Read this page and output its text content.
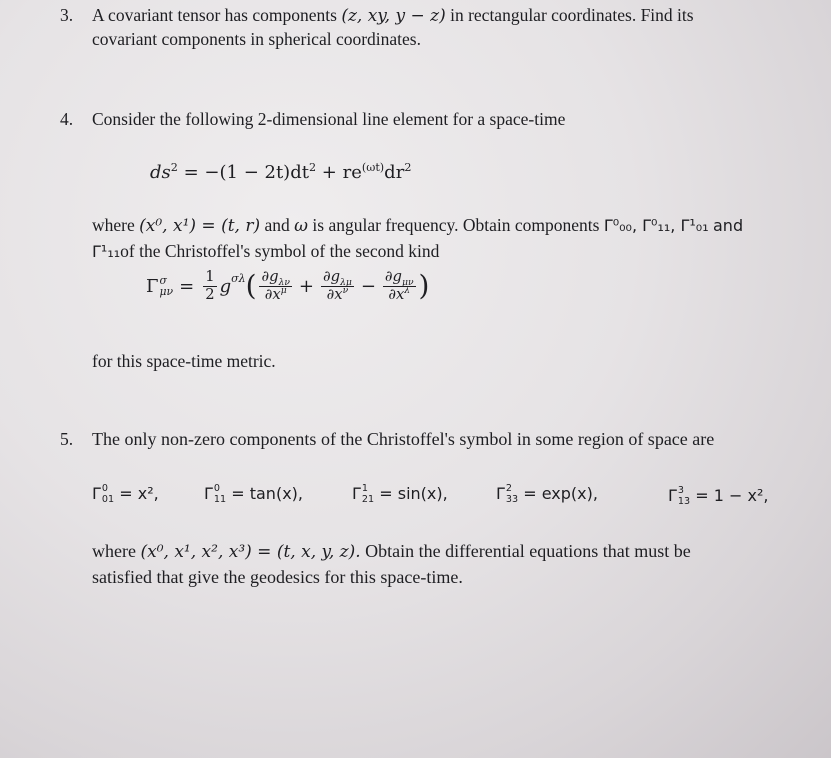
3. A covariant tensor has components (z, xy, y − z) in rectangular coordinates. Find its
covariant components in spherical coordinates.
4. Consider the following 2-dimensional line element for a space-time
$ds^2 = -(1 - 2t)dt^2 + re^{(\omega t)}dr^2$
where (x⁰, x¹) = (t, r) and ω is angular frequency. Obtain components Γ⁰₀₀, Γ⁰₁₁, Γ¹₀₁ and
Γ¹₁₁of the Christoffel's symbol of the second kind
Γ σ
$\mu\nu = \frac{1}{2} g^{\sigma\lambda}$ ( $\frac{\partial g_{\lambda\nu}}{\partial x^\mu} + \frac{\partial g_{\lambda\mu}}{\partial x^\nu} - \frac{\partial g_{\mu\nu}}{\partial x^\lambda}$ )
for this space-time metric.
5. The only non-zero components of the Christoffel's symbol in some region of space are
Γ 0
01 = x²,	Γ 0
11 = tan(x),	Γ 1
21 = sin(x),	Γ 2
33 = exp(x),	Γ 3
13 = 1 − x²,
where (x⁰, x¹, x², x³) = (t, x, y, z). Obtain the differential equations that must be
satisfied that give the geodesics for this space-time.
